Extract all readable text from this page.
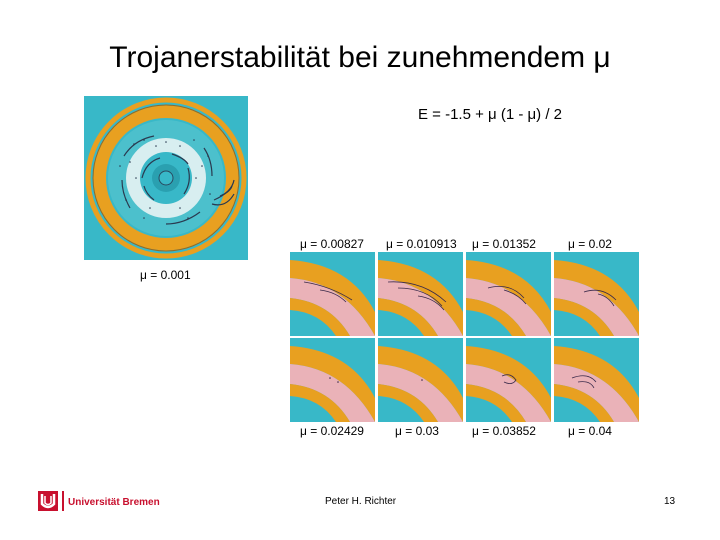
Trojanerstabilität bei zunehmendem μ
E = -1.5 + μ (1 - μ) / 2
μ = 0.001
μ = 0.00827 μ = 0.010913 μ = 0.01352	μ = 0.02
μ = 0.02429	μ = 0.03	μ = 0.03852	μ = 0.04
Universität Bremen	Peter H. Richter	13
